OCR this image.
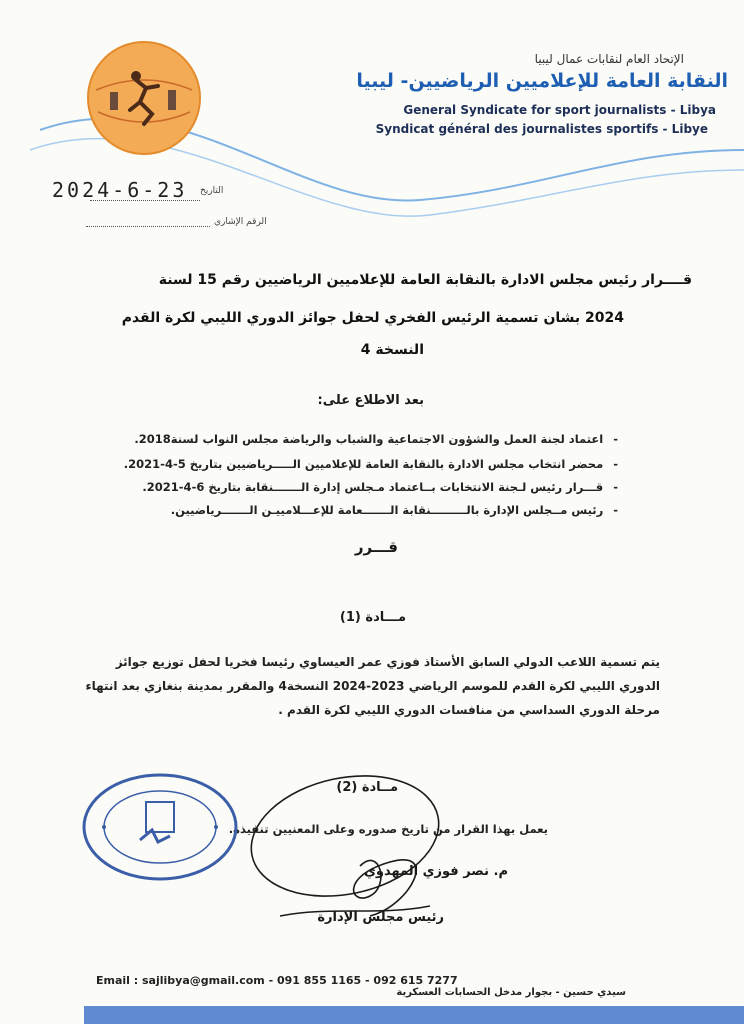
الإتحاد العام لنقابات عمال ليبيا
النقابة العامة للإعلاميين الرياضيين- ليبيا
General Syndicate for sport journalists - Libya
Syndicat général des journalistes sportifs - Libye
2024-6-23 التاريخ
الرقم الإشاري
قــــرار رئيس مجلس الادارة بالنقابة العامة للإعلاميين الرياضيين رقم 15 لسنة
2024 بشان تسمية الرئيس الفخري لحفل جوائز الدوري الليبي لكرة القدم
النسخة 4
بعد الاطلاع على:
-اعتماد لجنة العمل والشؤون الاجتماعية والشباب والرياضة مجلس النواب لسنة2018.
-محضر انتخاب مجلس الادارة بالنقابة العامة للإعلاميين الـــــرياضيين بتاريخ 5-4-2021.
-قـــرار رئيس لـجنة الانتخابات بــاعتماد مـجلس إدارة الـــــــنقابة بتاريخ 6-4-2021.
-رئيس مــجلس الإدارة بالـــــــــنقابة الـــــــعامة للإعـــلامييـن الـــــــرياضيين.
قـــرر
مـــادة (1)
يتم تسمية اللاعب الدولي السابق الأستاذ فوزي عمر العيساوي رئيسا فخريا لحفل توزيع جوائز الدوري الليبي لكرة القدم للموسم الرياضي 2023-2024 النسخة4 والمقرر بمدينة بنغازي بعد انتهاء مرحلة الدوري السداسي من منافسات الدوري الليبي لكرة القدم .
مــادة (2)
يعمل بهذا القرار من تاريخ صدوره وعلى المعنيين تنفيذه.
م. نصر فوزي المهدوي
رئيس مجلس الإدارة
Email : sajlibya@gmail.com - 091 855 1165 - 092 615 7277
سيدي حسين - بجوار مدخل الحسابات العسكرية
